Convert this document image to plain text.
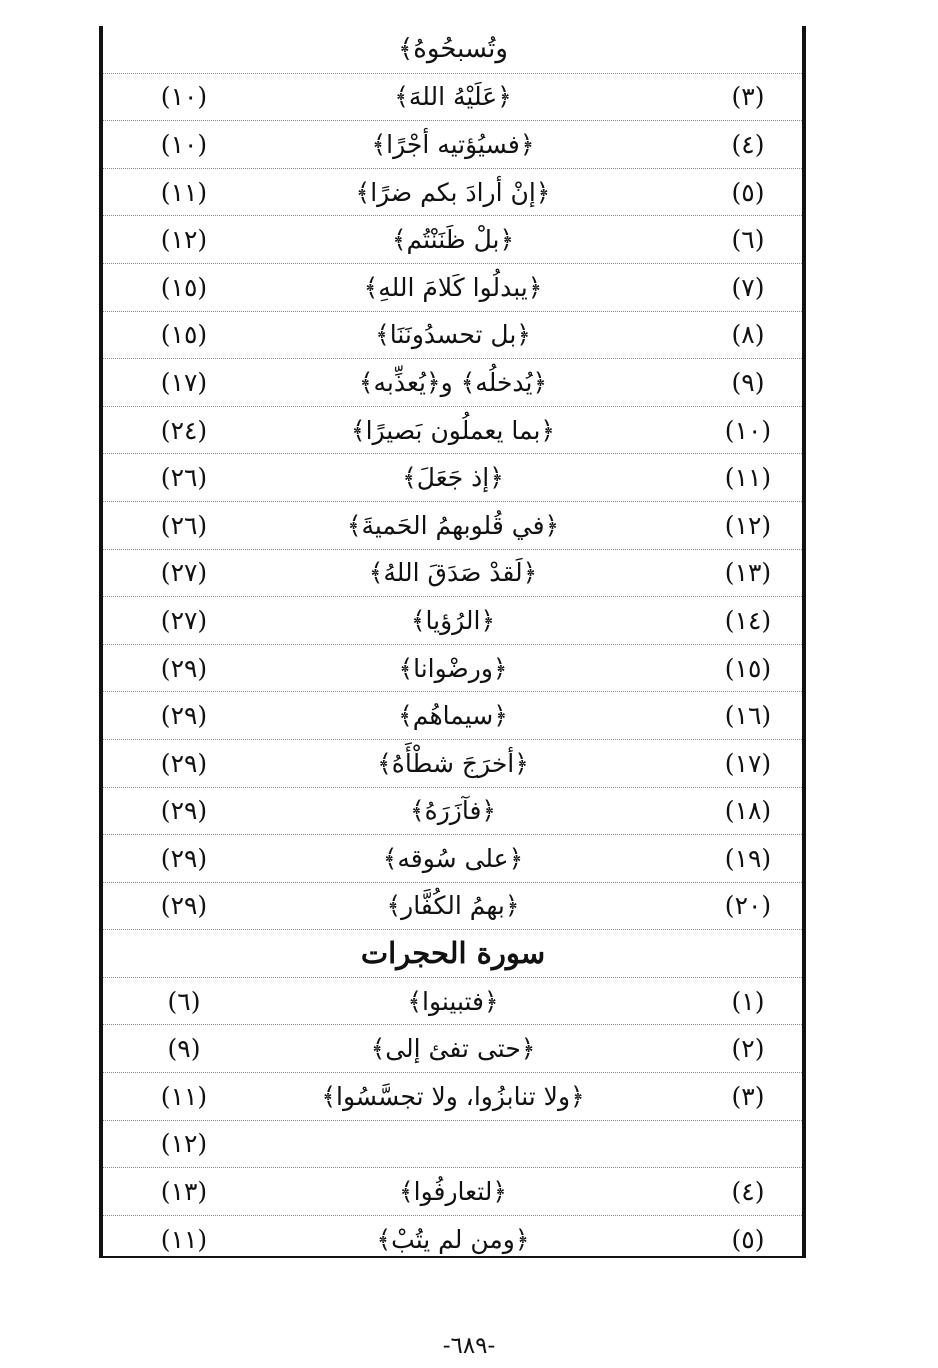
وتُسبحُوهُ﴾
(١٠)	﴿عَلَيْهُ اللهَ﴾	(٣)
(١٠)	﴿فسيُؤتيه أجْرًا﴾	(٤)
(١١)	﴿إنْ أرادَ بكم ضرًا﴾	(٥)
(١٢)	﴿بلْ ظَنَنْتُم﴾	(٦)
(١٥)	﴿يبدلُوا كَلامَ اللهِ﴾	(٧)
(١٥)	﴿بل تحسدُونَنَا﴾	(٨)
(١٧)	﴿يُدخلُه﴾ و﴿يُعذِّبه﴾	(٩)
(٢٤)	﴿بما يعملُون بَصيرًا﴾	(١٠)
(٢٦)	﴿إذ جَعَلَ﴾	(١١)
(٢٦)	﴿في قُلوبهمُ الحَميةَ﴾	(١٢)
(٢٧)	﴿لَقدْ صَدَقَ اللهُ﴾	(١٣)
(٢٧)	﴿الرُؤيا﴾	(١٤)
(٢٩)	﴿ورضْوانا﴾	(١٥)
(٢٩)	﴿سيماهُم﴾	(١٦)
(٢٩)	﴿أخرَجَ شطْأَهُ﴾	(١٧)
(٢٩)	﴿فآزَرَهُ﴾	(١٨)
(٢٩)	﴿على سُوقه﴾	(١٩)
(٢٩)	﴿بهمُ الكُفَّار﴾	(٢٠)
سورة الحجرات
(٦)	﴿فتبينوا﴾	(١)
(٩)	﴿حتى تفئ إلى﴾	(٢)
(١١)	﴿ولا تنابزُوا، ولا تجسَّسُوا﴾	(٣)
(١٢)
(١٣)	﴿لتعارفُوا﴾	(٤)
(١١)	﴿ومن لم يتُبْ﴾	(٥)
-٦٨٩-
